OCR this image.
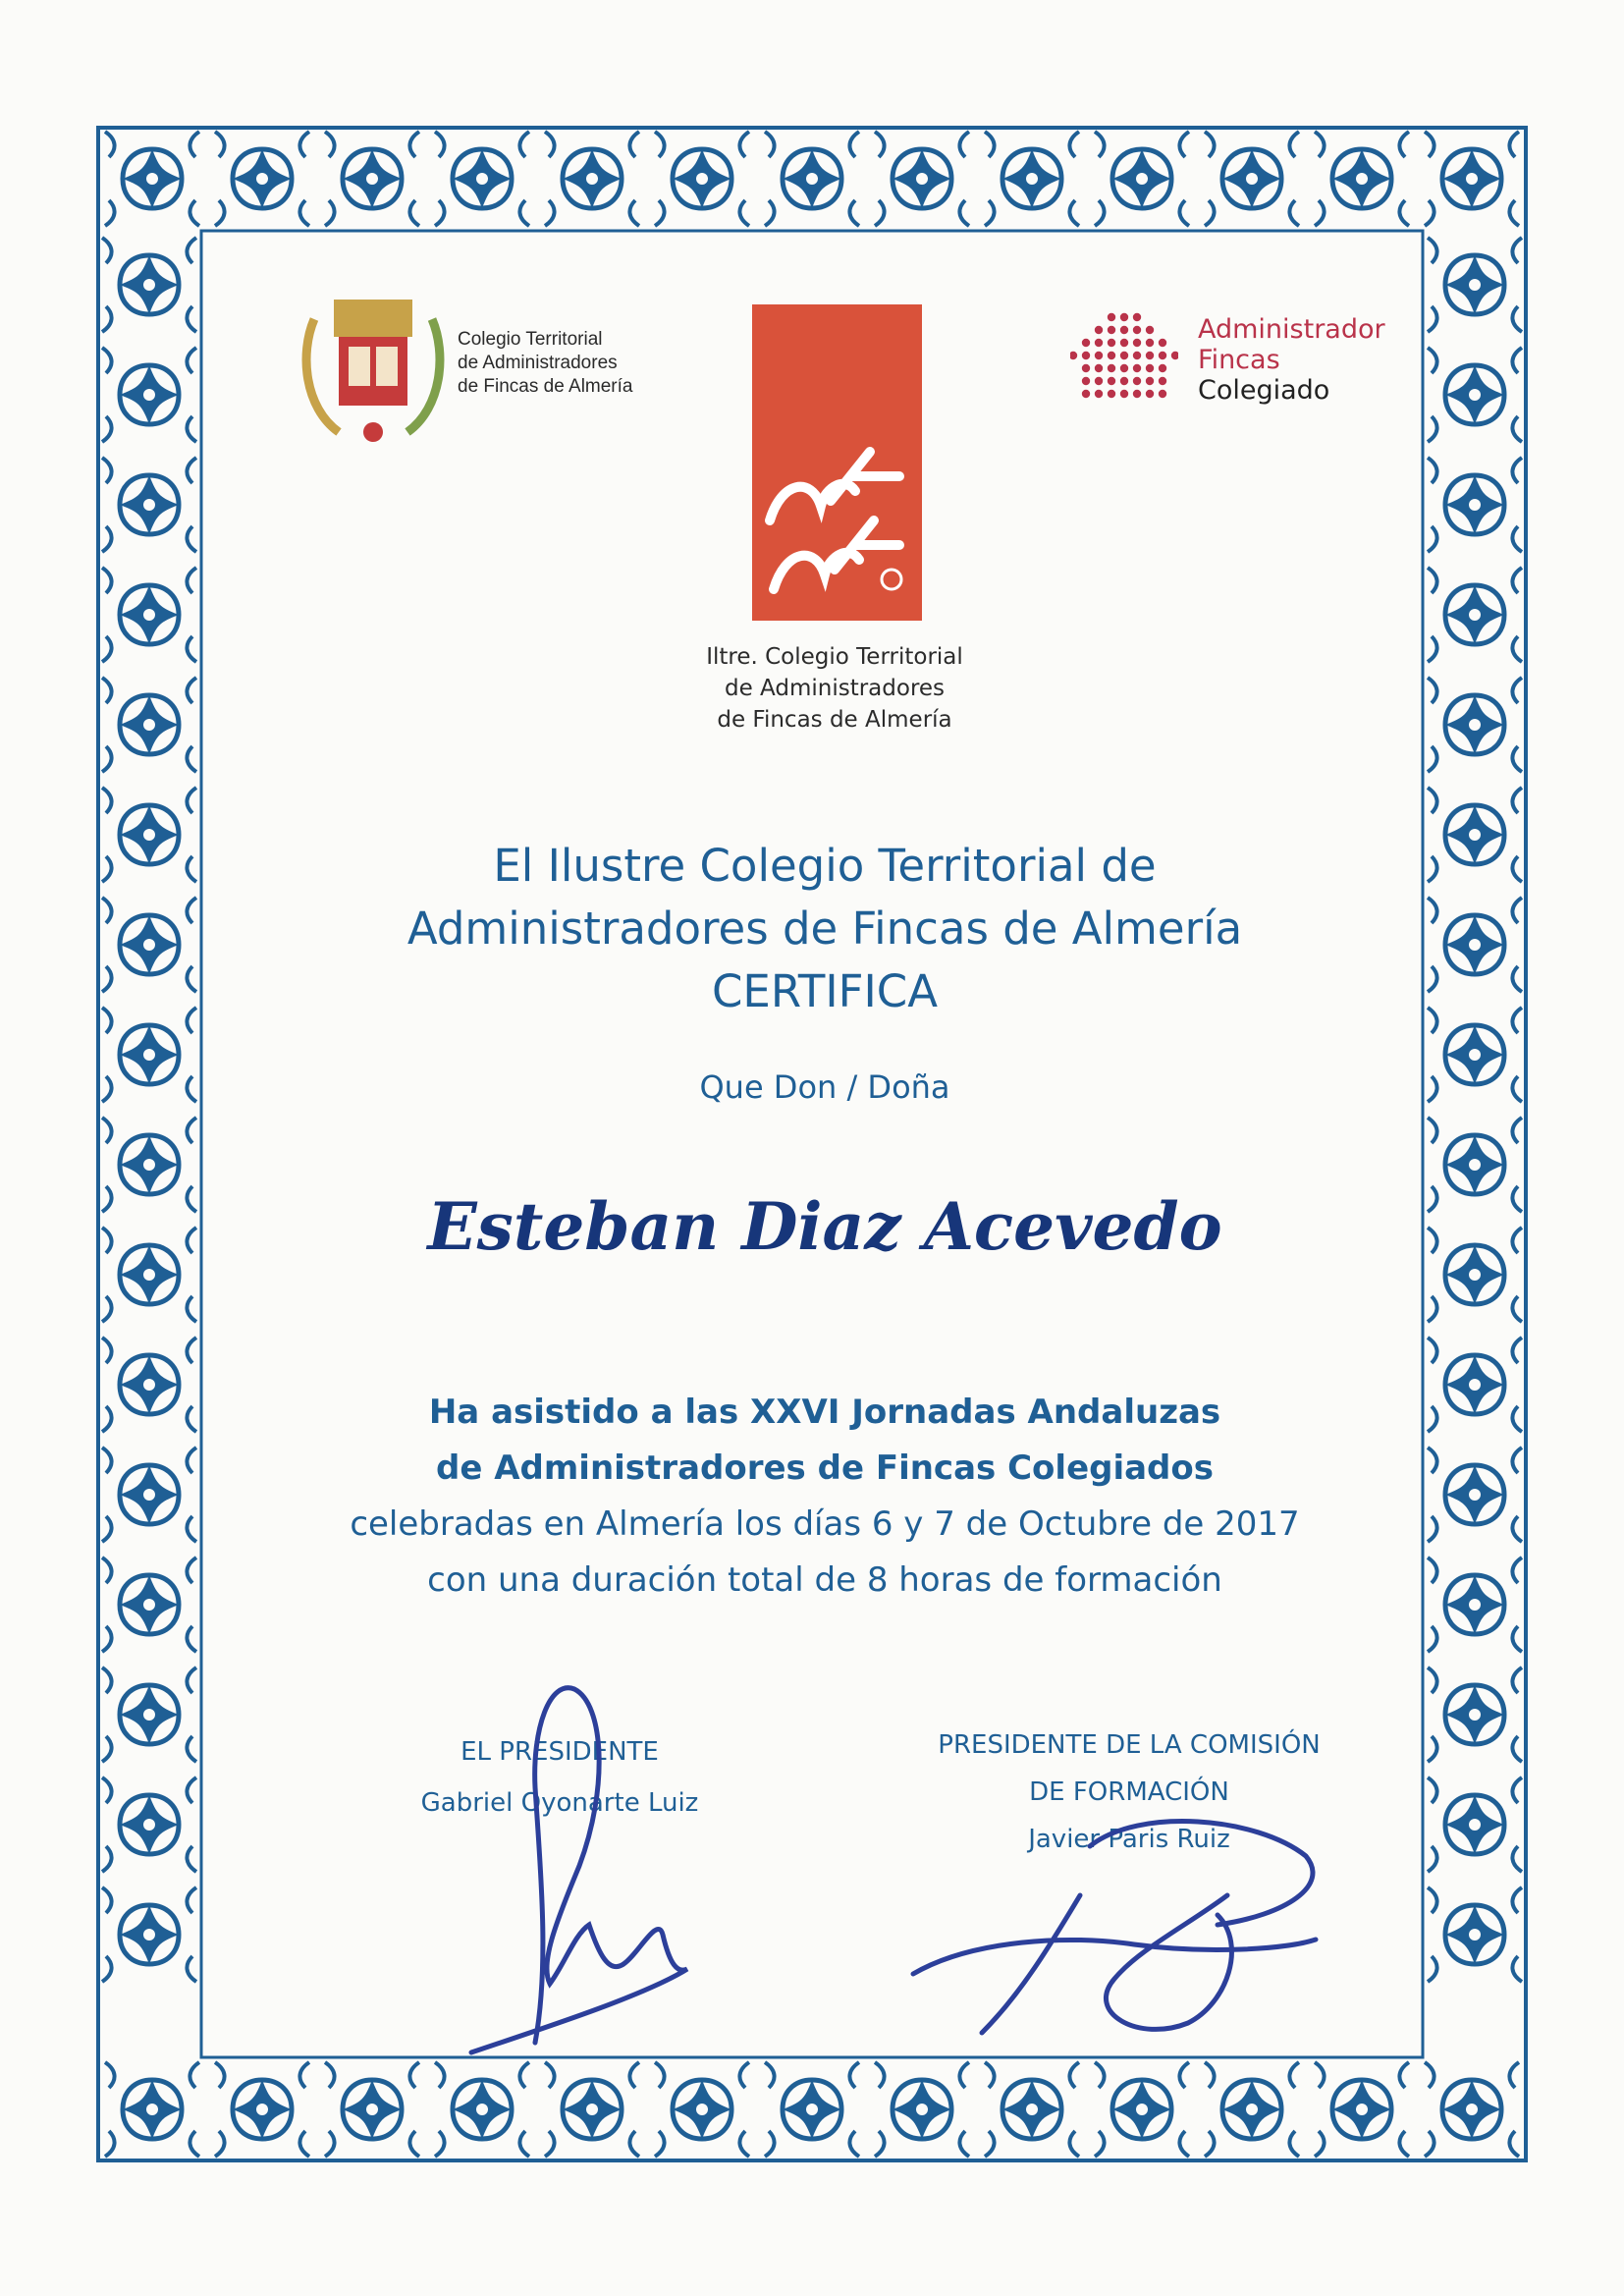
Colegio Territorial
de Administradores
de Fincas de Almería
Iltre. Colegio Territorial
de Administradores
de Fincas de Almería
Administrador
Fincas
Colegiado
El Ilustre Colegio Territorial de
Administradores de Fincas de Almería
CERTIFICA
Que Don / Doña
Esteban Diaz Acevedo
Ha asistido a las XXVI Jornadas Andaluzas
de Administradores de Fincas Colegiados
celebradas en Almería los días 6 y 7 de Octubre de 2017
con una duración total de 8 horas de formación
EL PRESIDENTE
Gabriel Oyonarte Luiz
PRESIDENTE DE LA COMISIÓN
DE FORMACIÓN
Javier Paris Ruiz
